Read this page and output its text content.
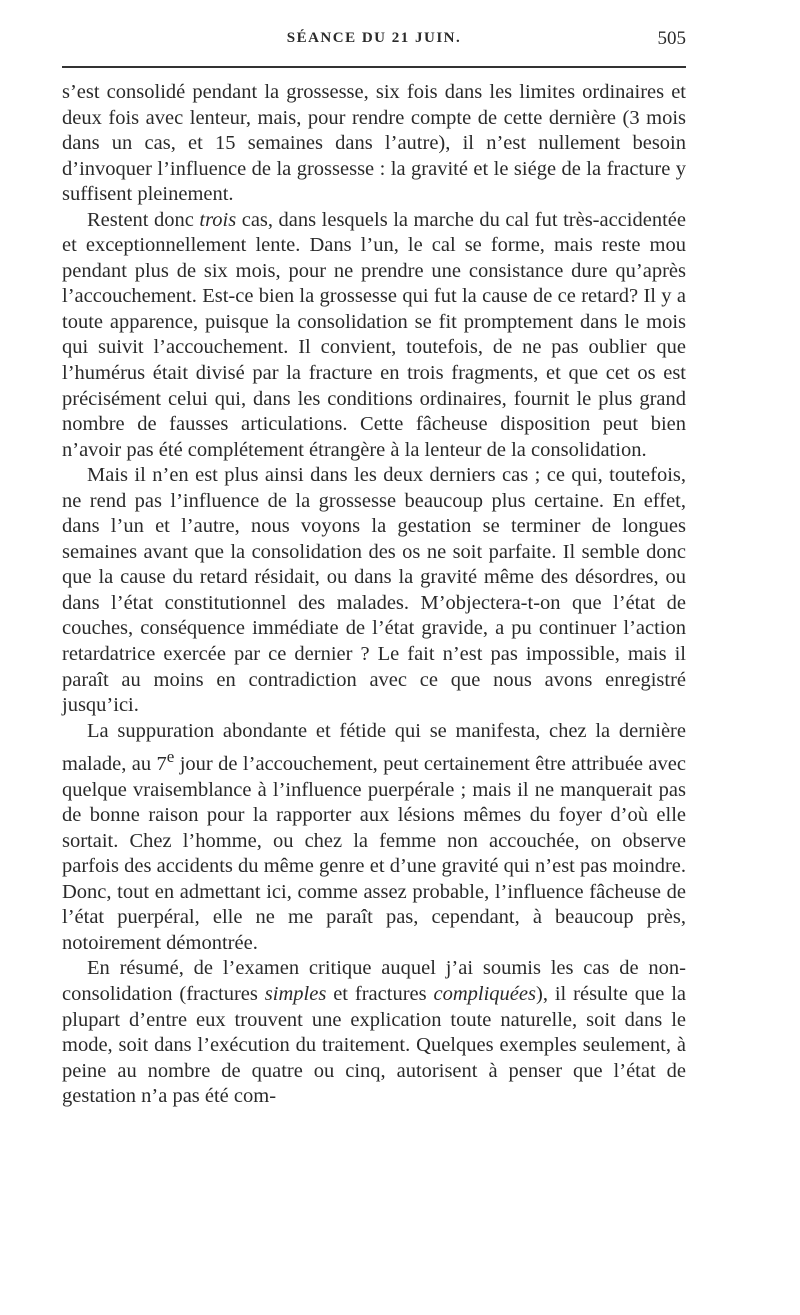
SÉANCE DU 21 JUIN.	505

s’est consolidé pendant la grossesse, six fois dans les limites ordinaires et deux fois avec lenteur, mais, pour rendre compte de cette dernière (3 mois dans un cas, et 15 semaines dans l’autre), il n’est nullement besoin d’invoquer l’influence de la grossesse : la gravité et le siége de la fracture y suffisent pleinement.

Restent donc trois cas, dans lesquels la marche du cal fut très-accidentée et exceptionnellement lente. Dans l’un, le cal se forme, mais reste mou pendant plus de six mois, pour ne prendre une consistance dure qu’après l’accouchement. Est-ce bien la grossesse qui fut la cause de ce retard? Il y a toute apparence, puisque la consolidation se fit promptement dans le mois qui suivit l’accouchement. Il convient, toutefois, de ne pas oublier que l’humérus était divisé par la fracture en trois fragments, et que cet os est précisément celui qui, dans les conditions ordinaires, fournit le plus grand nombre de fausses articulations. Cette fâcheuse disposition peut bien n’avoir pas été complétement étrangère à la lenteur de la consolidation.

Mais il n’en est plus ainsi dans les deux derniers cas ; ce qui, toutefois, ne rend pas l’influence de la grossesse beaucoup plus certaine. En effet, dans l’un et l’autre, nous voyons la gestation se terminer de longues semaines avant que la consolidation des os ne soit parfaite. Il semble donc que la cause du retard résidait, ou dans la gravité même des désordres, ou dans l’état constitutionnel des malades. M’objectera-t-on que l’état de couches, conséquence immédiate de l’état gravide, a pu continuer l’action retardatrice exercée par ce dernier ? Le fait n’est pas impossible, mais il paraît au moins en contradiction avec ce que nous avons enregistré jusqu’ici.

La suppuration abondante et fétide qui se manifesta, chez la dernière malade, au 7e jour de l’accouchement, peut certainement être attribuée avec quelque vraisemblance à l’influence puerpérale ; mais il ne manquerait pas de bonne raison pour la rapporter aux lésions mêmes du foyer d’où elle sortait. Chez l’homme, ou chez la femme non accouchée, on observe parfois des accidents du même genre et d’une gravité qui n’est pas moindre. Donc, tout en admettant ici, comme assez probable, l’influence fâcheuse de l’état puerpéral, elle ne me paraît pas, cependant, à beaucoup près, notoirement démontrée.

En résumé, de l’examen critique auquel j’ai soumis les cas de non-consolidation (fractures simples et fractures compliquées), il résulte que la plupart d’entre eux trouvent une explication toute naturelle, soit dans le mode, soit dans l’exécution du traitement. Quelques exemples seulement, à peine au nombre de quatre ou cinq, autorisent à penser que l’état de gestation n’a pas été com-
